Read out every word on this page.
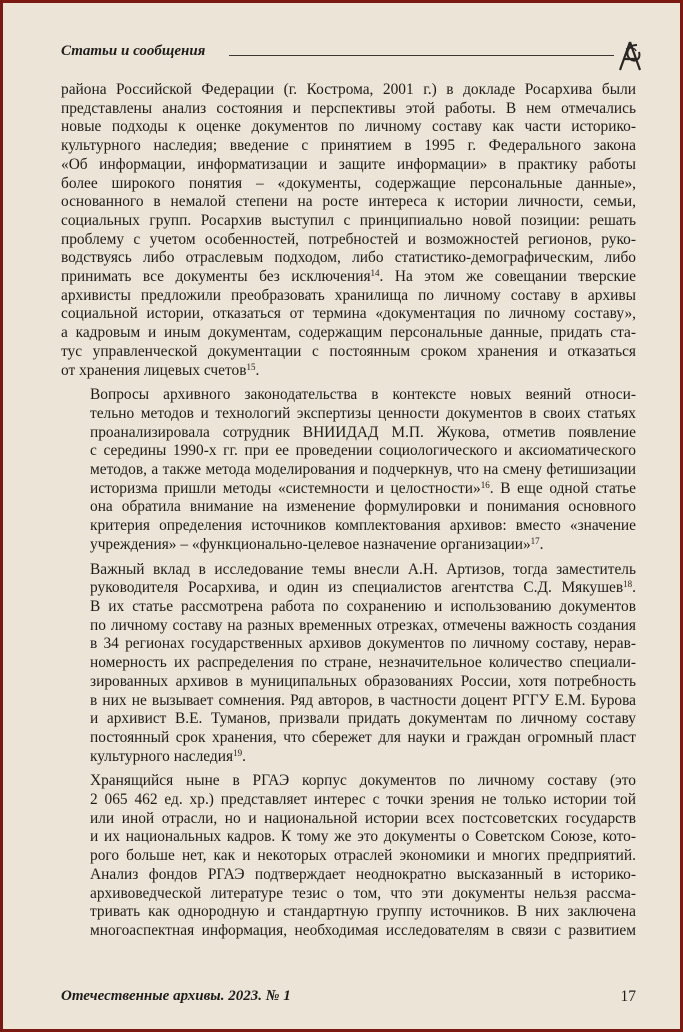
Статьи и сообщения
района Российской Федерации (г. Кострома, 2001 г.) в докладе Росархива были
представлены анализ состояния и перспективы этой работы. В нем отмечались
новые подходы к оценке документов по личному составу как части историко-
культурного наследия; введение с принятием в 1995 г. Федерального закона
«Об информации, информатизации и защите информации» в практику работы
более широкого понятия – «документы, содержащие персональные данные»,
основанного в немалой степени на росте интереса к истории личности, семьи,
социальных групп. Росархив выступил с принципиально новой позиции: решать
проблему с учетом особенностей, потребностей и возможностей регионов, руко-
водствуясь либо отраслевым подходом, либо статистико-демографическим, либо
принимать все документы без исключения$^{14}$. На этом же совещании тверские
архивисты предложили преобразовать хранилища по личному составу в архивы
социальной истории, отказаться от термина «документация по личному составу»,
а кадровым и иным документам, содержащим персональные данные, придать ста-
тус управленческой документации с постоянным сроком хранения и отказаться
от хранения лицевых счетов$^{15}$.
Вопросы архивного законодательства в контексте новых веяний относи-
тельно методов и технологий экспертизы ценности документов в своих статьях
проанализировала сотрудник ВНИИДАД М.П. Жукова, отметив появление
с середины 1990-х гг. при ее проведении социологического и аксиоматического
методов, а также метода моделирования и подчеркнув, что на смену фетишизации
историзма пришли методы «системности и целостности»$^{16}$. В еще одной статье
она обратила внимание на изменение формулировки и понимания основного
критерия определения источников комплектования архивов: вместо «значение
учреждения» – «функционально-целевое назначение организации»$^{17}$.
Важный вклад в исследование темы внесли А.Н. Артизов, тогда заместитель
руководителя Росархива, и один из специалистов агентства С.Д. Мякушев$^{18}$.
В их статье рассмотрена работа по сохранению и использованию документов
по личному составу на разных временных отрезках, отмечены важность создания
в 34 регионах государственных архивов документов по личному составу, нерав-
номерность их распределения по стране, незначительное количество специали-
зированных архивов в муниципальных образованиях России, хотя потребность
в них не вызывает сомнения. Ряд авторов, в частности доцент РГГУ Е.М. Бурова
и архивист В.Е. Туманов, призвали придать документам по личному составу
постоянный срок хранения, что сбережет для науки и граждан огромный пласт
культурного наследия$^{19}$.
Хранящийся ныне в РГАЭ корпус документов по личному составу (это
2 065 462 ед. хр.) представляет интерес с точки зрения не только истории той
или иной отрасли, но и национальной истории всех постсоветских государств
и их национальных кадров. К тому же это документы о Советском Союзе, кото-
рого больше нет, как и некоторых отраслей экономики и многих предприятий.
Анализ фондов РГАЭ подтверждает неоднократно высказанный в историко-
архивоведческой литературе тезис о том, что эти документы нельзя рассма-
тривать как однородную и стандартную группу источников. В них заключена
многоаспектная информация, необходимая исследователям в связи с развитием
Отечественные архивы. 2023. № 1	17
